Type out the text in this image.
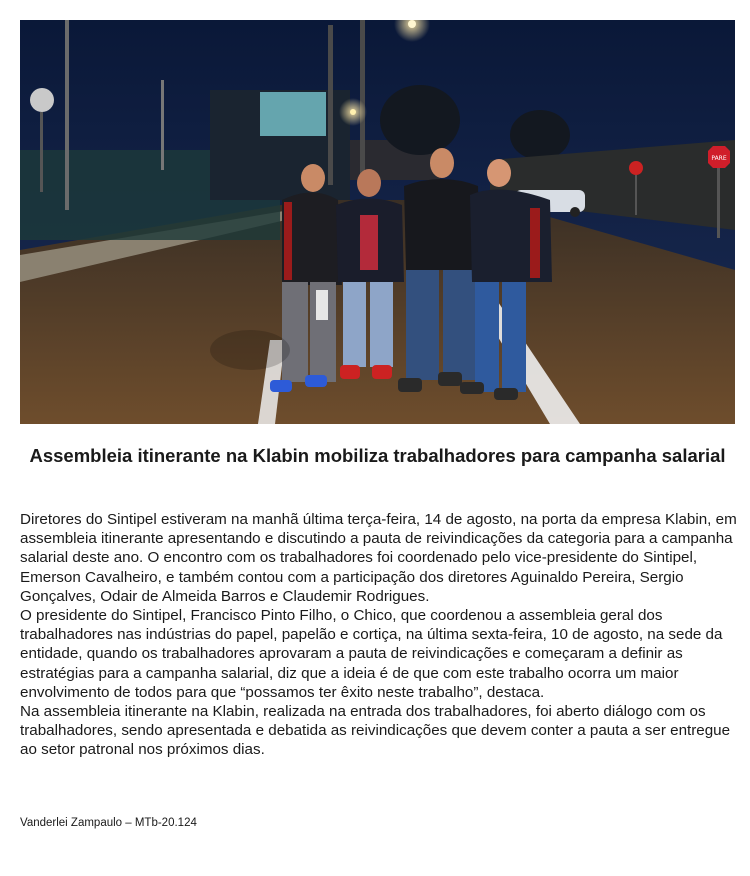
PARE
Assembleia itinerante na Klabin mobiliza trabalhadores para campanha salarial

Diretores do Sintipel estiveram na manhã última terça-feira, 14 de agosto, na porta da empresa Klabin, em assembleia itinerante apresentando e discutindo a pauta de reivindicações da categoria para a campanha salarial deste ano. O encontro com os trabalhadores foi coordenado pelo vice-presidente do Sintipel, Emerson Cavalheiro, e também contou com a participação dos diretores Aguinaldo Pereira, Sergio Gonçalves, Odair de Almeida Barros e Claudemir Rodrigues.

O presidente do Sintipel, Francisco Pinto Filho, o Chico, que coordenou a assembleia geral dos trabalhadores nas indústrias do papel, papelão e cortiça, na última sexta-feira, 10 de agosto, na sede da entidade, quando os trabalhadores aprovaram a pauta de reivindicações e começaram a definir as estratégias para a campanha salarial, diz que a ideia é de que com este trabalho ocorra um maior envolvimento de todos para que “possamos ter êxito neste trabalho”, destaca.

Na assembleia itinerante na Klabin, realizada na entrada dos trabalhadores, foi aberto diálogo com os  trabalhadores, sendo apresentada e debatida as reivindicações que devem conter a pauta a ser entregue ao setor patronal nos próximos dias.

Vanderlei Zampaulo – MTb-20.124
